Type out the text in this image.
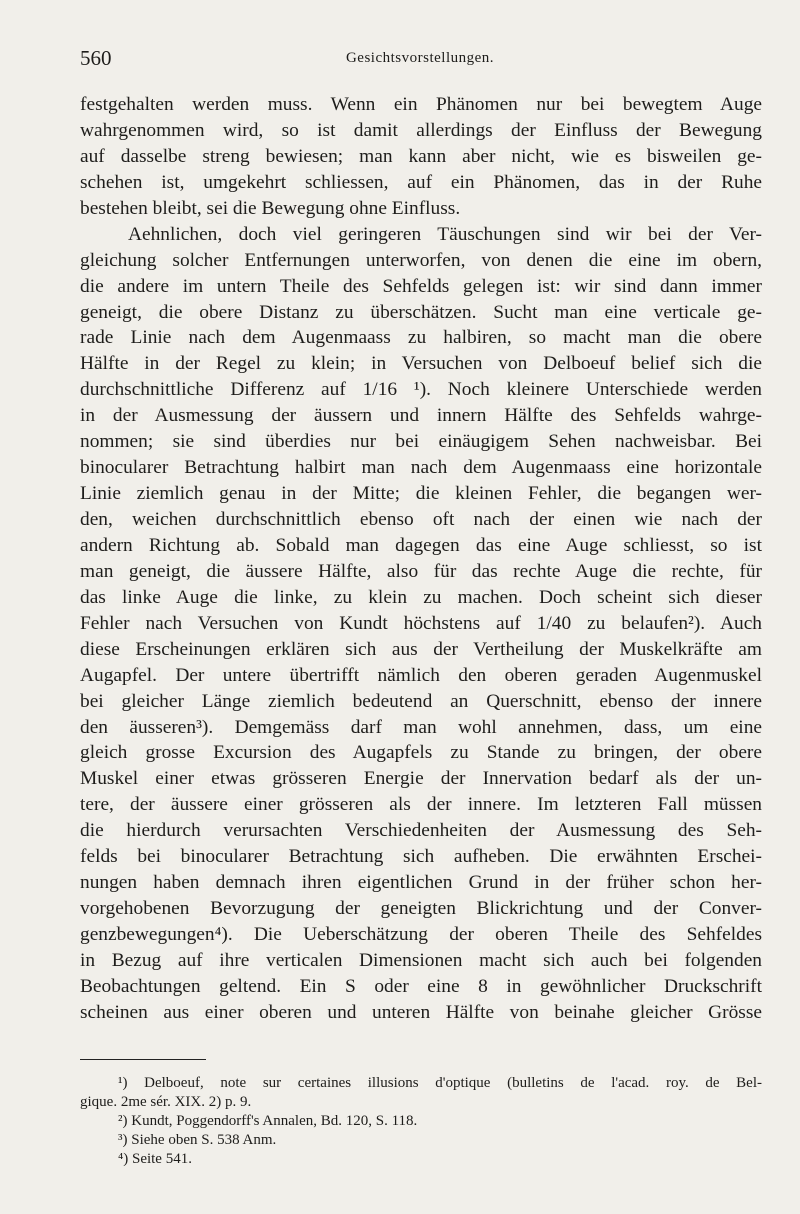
560	Gesichtsvorstellungen.
festgehalten werden muss. Wenn ein Phänomen nur bei bewegtem Auge
wahrgenommen wird, so ist damit allerdings der Einfluss der Bewegung
auf dasselbe streng bewiesen; man kann aber nicht, wie es bisweilen ge-
schehen ist, umgekehrt schliessen, auf ein Phänomen, das in der Ruhe
bestehen bleibt, sei die Bewegung ohne Einfluss.
Aehnlichen, doch viel geringeren Täuschungen sind wir bei der Ver-
gleichung solcher Entfernungen unterworfen, von denen die eine im obern,
die andere im untern Theile des Sehfelds gelegen ist: wir sind dann immer
geneigt, die obere Distanz zu überschätzen. Sucht man eine verticale ge-
rade Linie nach dem Augenmaass zu halbiren, so macht man die obere
Hälfte in der Regel zu klein; in Versuchen von Delboeuf belief sich die
durchschnittliche Differenz auf 1/16 ¹). Noch kleinere Unterschiede werden
in der Ausmessung der äussern und innern Hälfte des Sehfelds wahrge-
nommen; sie sind überdies nur bei einäugigem Sehen nachweisbar. Bei
binocularer Betrachtung halbirt man nach dem Augenmaass eine horizontale
Linie ziemlich genau in der Mitte; die kleinen Fehler, die begangen wer-
den, weichen durchschnittlich ebenso oft nach der einen wie nach der
andern Richtung ab. Sobald man dagegen das eine Auge schliesst, so ist
man geneigt, die äussere Hälfte, also für das rechte Auge die rechte, für
das linke Auge die linke, zu klein zu machen. Doch scheint sich dieser
Fehler nach Versuchen von Kundt höchstens auf 1/40 zu belaufen²). Auch
diese Erscheinungen erklären sich aus der Vertheilung der Muskelkräfte am
Augapfel. Der untere übertrifft nämlich den oberen geraden Augenmuskel
bei gleicher Länge ziemlich bedeutend an Querschnitt, ebenso der innere
den äusseren³). Demgemäss darf man wohl annehmen, dass, um eine
gleich grosse Excursion des Augapfels zu Stande zu bringen, der obere
Muskel einer etwas grösseren Energie der Innervation bedarf als der un-
tere, der äussere einer grösseren als der innere. Im letzteren Fall müssen
die hierdurch verursachten Verschiedenheiten der Ausmessung des Seh-
felds bei binocularer Betrachtung sich aufheben. Die erwähnten Erschei-
nungen haben demnach ihren eigentlichen Grund in der früher schon her-
vorgehobenen Bevorzugung der geneigten Blickrichtung und der Conver-
genzbewegungen⁴). Die Ueberschätzung der oberen Theile des Sehfeldes
in Bezug auf ihre verticalen Dimensionen macht sich auch bei folgenden
Beobachtungen geltend. Ein S oder eine 8 in gewöhnlicher Druckschrift
scheinen aus einer oberen und unteren Hälfte von beinahe gleicher Grösse
¹) Delboeuf, note sur certaines illusions d'optique (bulletins de l'acad. roy. de Bel-
gique. 2me sér. XIX. 2) p. 9.
²) Kundt, Poggendorff's Annalen, Bd. 120, S. 118.
³) Siehe oben S. 538 Anm.
⁴) Seite 541.
